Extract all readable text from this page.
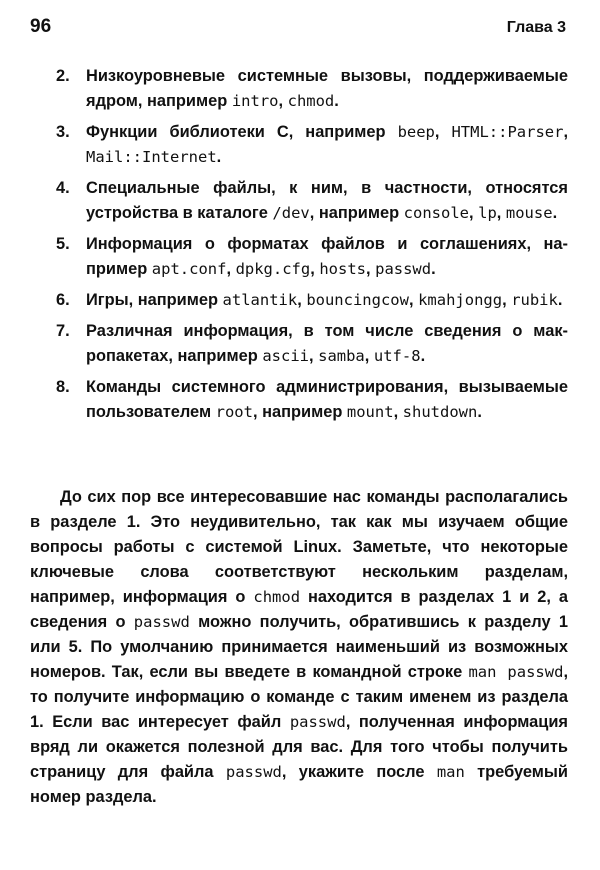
96	Глава 3
2. Низкоуровневые системные вызовы, поддерживаемые ядром, например intro, chmod.
3. Функции библиотеки C, например beep, HTML::Parser, Mail::Internet.
4. Специальные файлы, к ним, в частности, относятся устройства в каталоге /dev, например console, lp, mouse.
5. Информация о форматах файлов и соглашениях, например apt.conf, dpkg.cfg, hosts, passwd.
6. Игры, например atlantik, bouncingcow, kmahjongg, rubik.
7. Различная информация, в том числе сведения о макропакетах, например ascii, samba, utf-8.
8. Команды системного администрирования, вызываемые пользователем root, например mount, shutdown.

До сих пор все интересовавшие нас команды располагались в разделе 1. Это неудивительно, так как мы изучаем общие вопросы работы с системой Linux. Заметьте, что некоторые ключевые слова соответствуют нескольким разделам, например, информация о chmod находится в разделах 1 и 2, а сведения о passwd можно получить, обратившись к разделу 1 или 5. По умолчанию принимается наименьший из возможных номеров. Так, если вы введете в командной строке man passwd, то получите информацию о команде с таким именем из раздела 1. Если вас интересует файл passwd, полученная информация вряд ли окажется полезной для вас. Для того чтобы получить страницу для файла passwd, укажите после man требуемый номер раздела.
